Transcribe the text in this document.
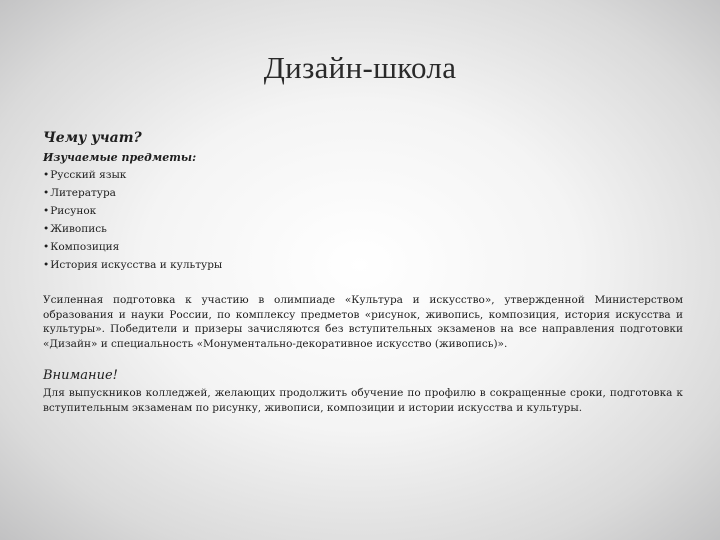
Дизайн-школа
Чему учат?
Изучаемые предметы:
• Русский язык
• Литература
• Рисунок
• Живопись
• Композиция
• История искусства и культуры

Усиленная подготовка к участию в олимпиаде «Культура и искусство», утвержденной Министерством образования и науки России, по комплексу предметов «рисунок, живопись, композиция, история искусства и культуры». Победители и призеры зачисляются без вступительных экзаменов на все направления подготовки «Дизайн» и специальность «Монументально-декоративное искусство (живопись)».

Внимание!

Для выпускников колледжей, желающих продолжить обучение по профилю в сокращенные сроки, подготовка к вступительным экзаменам по рисунку, живописи, композиции и истории искусства и культуры.
